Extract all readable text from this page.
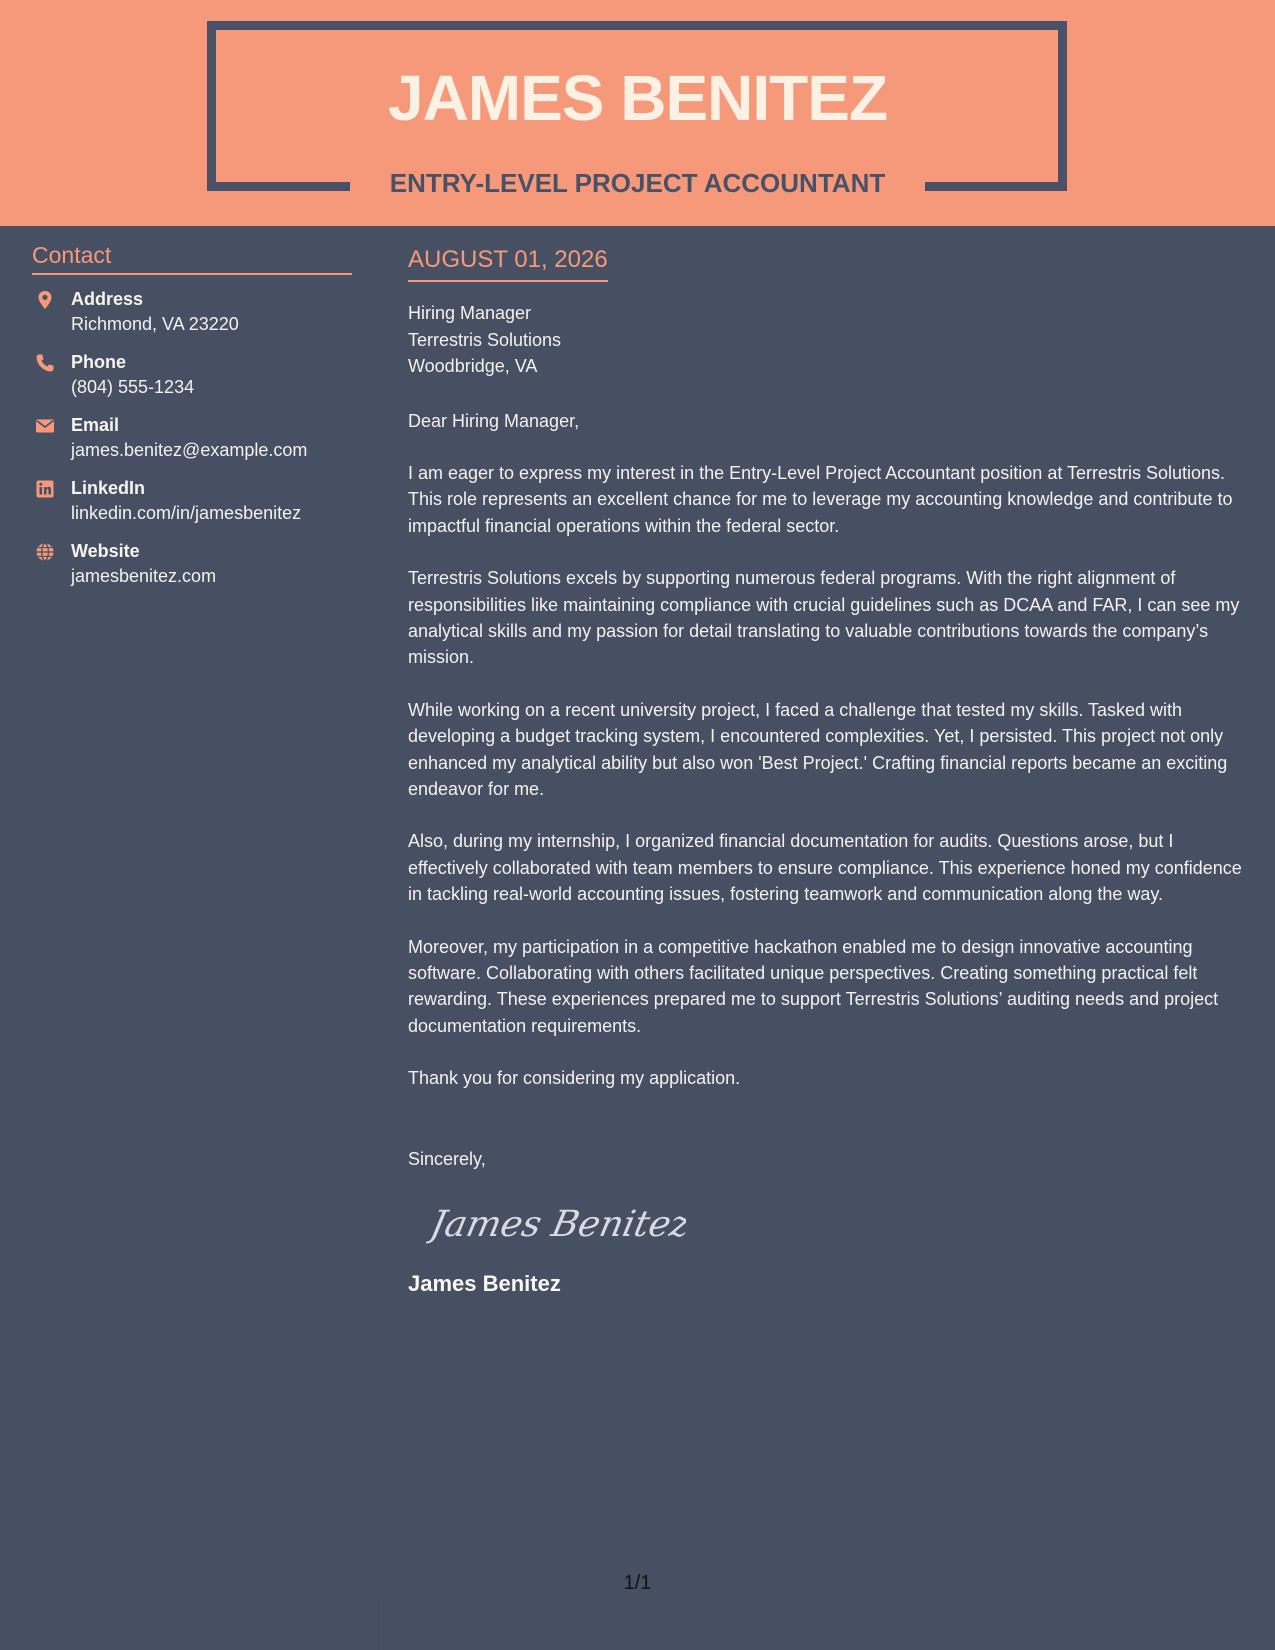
JAMES BENITEZ
ENTRY-LEVEL PROJECT ACCOUNTANT
Contact
Address
Richmond, VA 23220
Phone
(804) 555-1234
Email
james.benitez@example.com
LinkedIn
linkedin.com/in/jamesbenitez
Website
jamesbenitez.com
AUGUST 01, 2026
Hiring Manager
Terrestris Solutions
Woodbridge, VA

Dear Hiring Manager,

I am eager to express my interest in the Entry-Level Project Accountant position at Terrestris Solutions. This role represents an excellent chance for me to leverage my accounting knowledge and contribute to impactful financial operations within the federal sector.

Terrestris Solutions excels by supporting numerous federal programs. With the right alignment of responsibilities like maintaining compliance with crucial guidelines such as DCAA and FAR, I can see my analytical skills and my passion for detail translating to valuable contributions towards the company’s mission.

While working on a recent university project, I faced a challenge that tested my skills. Tasked with developing a budget tracking system, I encountered complexities. Yet, I persisted. This project not only enhanced my analytical ability but also won 'Best Project.' Crafting financial reports became an exciting endeavor for me.

Also, during my internship, I organized financial documentation for audits. Questions arose, but I effectively collaborated with team members to ensure compliance. This experience honed my confidence in tackling real-world accounting issues, fostering teamwork and communication along the way.

Moreover, my participation in a competitive hackathon enabled me to design innovative accounting software. Collaborating with others facilitated unique perspectives. Creating something practical felt rewarding. These experiences prepared me to support Terrestris Solutions’ auditing needs and project documentation requirements.

Thank you for considering my application.

Sincerely,
James Benitez
James Benitez
1/1
